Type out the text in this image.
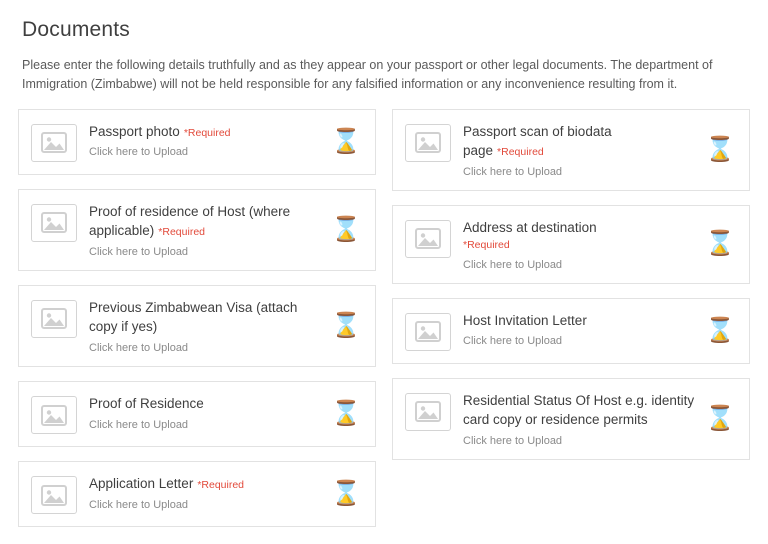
Documents

Please enter the following details truthfully and as they appear on your passport or other legal documents. The department of Immigration (Zimbabwe) will not be held responsible for any falsified information or any inconvenience resulting from it.

Passport photo *Required
Click here to Upload	⌛
Proof of residence of Host (where applicable) *Required
Click here to Upload
⌛
Previous Zimbabwean Visa (attach copy if yes)
Click here to Upload
⌛
Proof of Residence
Click here to Upload	⌛
Application Letter *Required
Click here to Upload	⌛
Passport scan of biodata page *Required
Click here to Upload
⌛
Address at destination
*Required
Click here to Upload
⌛
Host Invitation Letter
Click here to Upload	⌛
Residential Status Of Host e.g. identity card copy or residence permits
Click here to Upload
⌛
